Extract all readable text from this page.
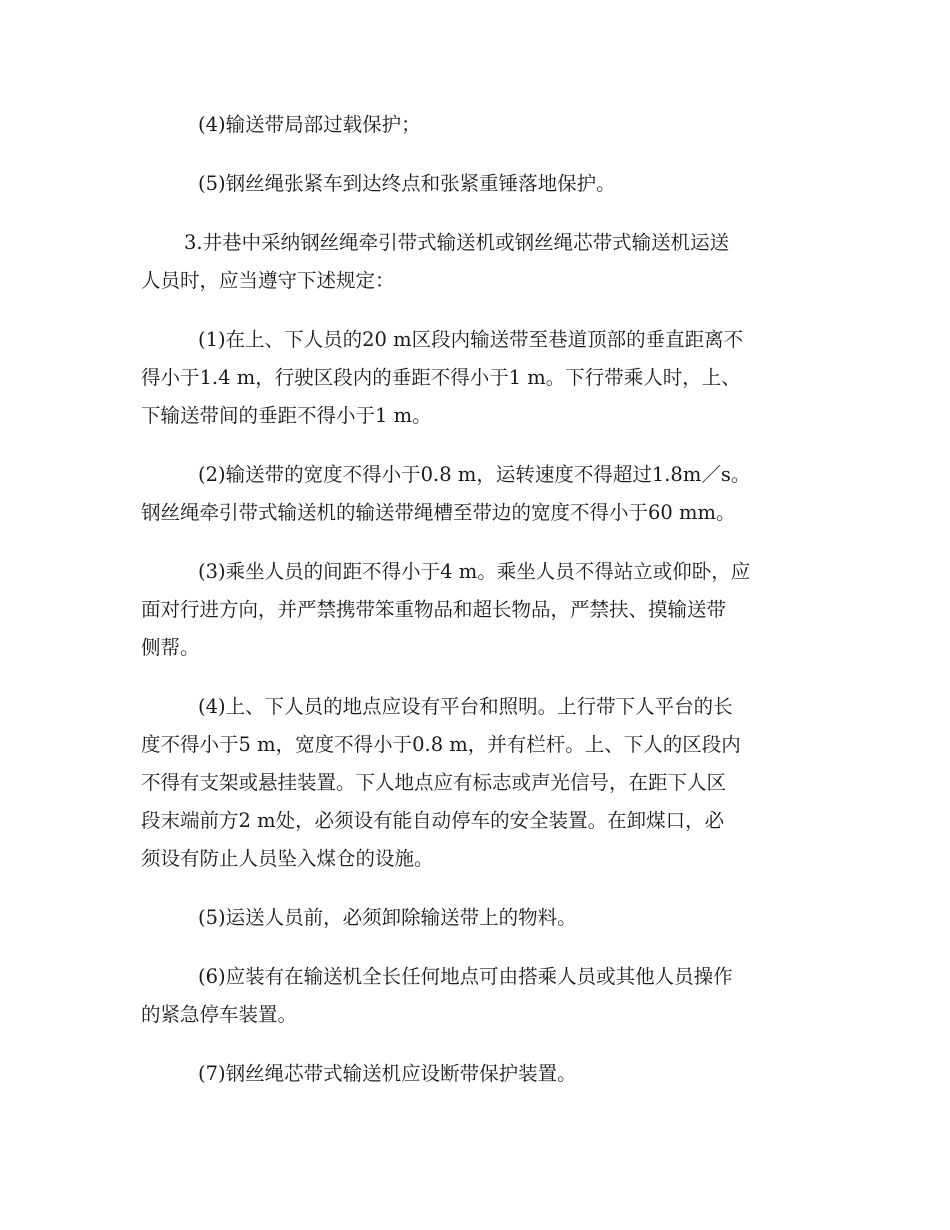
(4)输送带局部过载保护；

(5)钢丝绳张紧车到达终点和张紧重锤落地保护。

3.井巷中采纳钢丝绳牵引带式输送机或钢丝绳芯带式输送机运送
人员时，应当遵守下述规定：

(1)在上、下人员的20 m区段内输送带至巷道顶部的垂直距离不
得小于1.4 m，行驶区段内的垂距不得小于1 m。下行带乘人时，上、
下输送带间的垂距不得小于1 m。

(2)输送带的宽度不得小于0.8 m，运转速度不得超过1.8m／s。
钢丝绳牵引带式输送机的输送带绳槽至带边的宽度不得小于60 mm。

(3)乘坐人员的间距不得小于4 m。乘坐人员不得站立或仰卧，应
面对行进方向，并严禁携带笨重物品和超长物品，严禁扶、摸输送带
侧帮。

(4)上、下人员的地点应设有平台和照明。上行带下人平台的长
度不得小于5 m，宽度不得小于0.8 m，并有栏杆。上、下人的区段内
不得有支架或悬挂装置。下人地点应有标志或声光信号，在距下人区
段末端前方2 m处，必须设有能自动停车的安全装置。在卸煤口，必
须设有防止人员坠入煤仓的设施。

(5)运送人员前，必须卸除输送带上的物料。

(6)应装有在输送机全长任何地点可由搭乘人员或其他人员操作
的紧急停车装置。

(7)钢丝绳芯带式输送机应设断带保护装置。
